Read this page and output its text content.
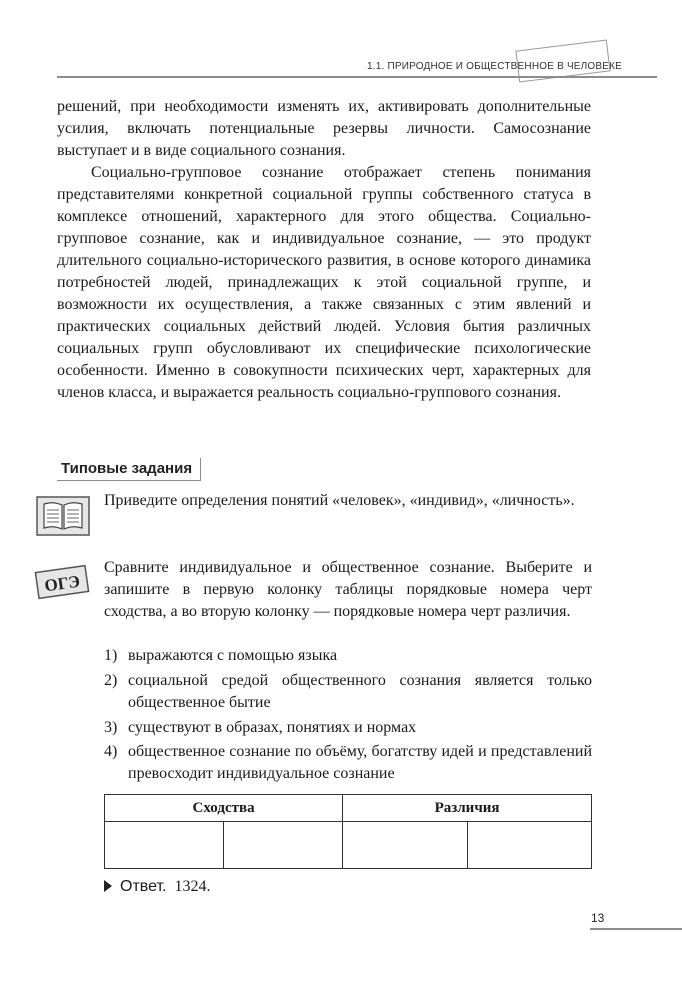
1.1. ПРИРОДНОЕ И ОБЩЕСТВЕННОЕ В ЧЕЛОВЕКЕ

решений, при необходимости изменять их, активировать дополнительные усилия, включать потенциальные резервы личности. Самосознание выступает и в виде социального сознания.

Социально-групповое сознание отображает степень понимания представителями конкретной социальной группы собственного статуса в комплексе отношений, характерного для этого общества. Социально-групповое сознание, как и индивидуальное сознание, — это продукт длительного социально-исторического развития, в основе которого динамика потребностей людей, принадлежащих к этой социальной группе, и возможности их осуществления, а также связанных с этим явлений и практических социальных действий людей. Условия бытия различных социальных групп обусловливают их специфические психологические особенности. Именно в совокупности психических черт, характерных для членов класса, и выражается реальность социально-группового сознания.

Типовые задания

Приведите определения понятий «человек», «индивид», «личность».

ОГЭ

Сравните индивидуальное и общественное сознание. Выберите и запишите в первую колонку таблицы порядковые номера черт сходства, а во вторую колонку — порядковые номера черт различия.

1) выражаются с помощью языка
2) социальной средой общественного сознания является только общественное бытие
3) существуют в образах, понятиях и нормах
4) общественное сознание по объёму, богатству идей и представлений превосходит индивидуальное сознание
Сходства		Различия	

Ответ. 1324.
13
